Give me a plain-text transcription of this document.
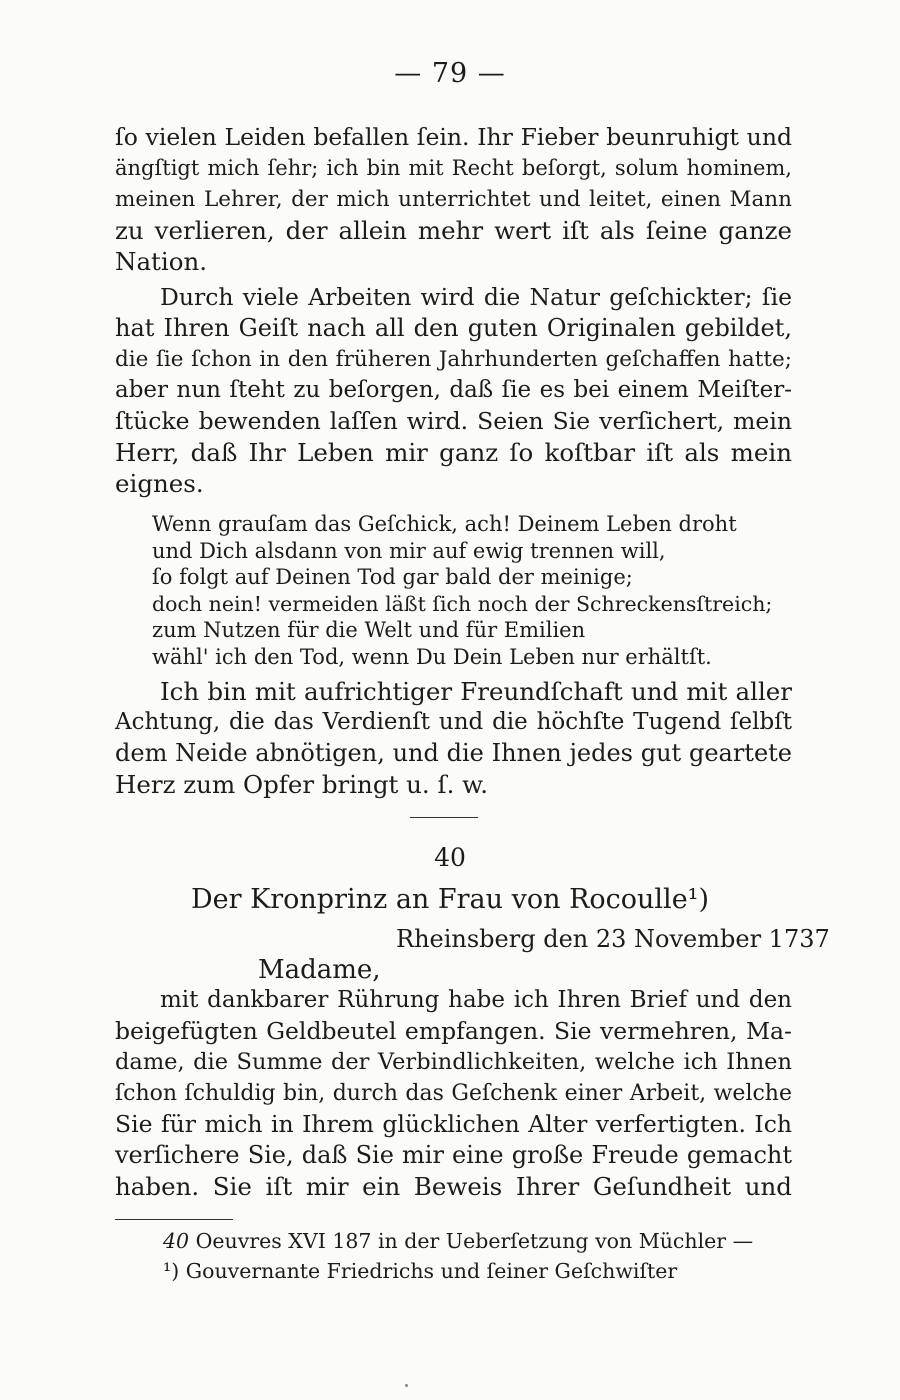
— 79 —
ſo vielen Leiden befallen ſein. Ihr Fieber beunruhigt und
ängſtigt mich ſehr; ich bin mit Recht beſorgt, solum hominem,
meinen Lehrer, der mich unterrichtet und leitet, einen Mann
zu verlieren, der allein mehr wert iſt als ſeine ganze
Nation.
Durch viele Arbeiten wird die Natur geſchickter; ſie
hat Ihren Geiſt nach all den guten Originalen gebildet,
die ſie ſchon in den früheren Jahrhunderten geſchaffen hatte;
aber nun ſteht zu beſorgen, daß ſie es bei einem Meiſter-
ſtücke bewenden laſſen wird. Seien Sie verſichert, mein
Herr, daß Ihr Leben mir ganz ſo koſtbar iſt als mein
eignes.
Wenn grauſam das Geſchick, ach! Deinem Leben droht
und Dich alsdann von mir auf ewig trennen will,
ſo folgt auf Deinen Tod gar bald der meinige;
doch nein! vermeiden läßt ſich noch der Schreckensſtreich;
zum Nutzen für die Welt und für Emilien
wähl' ich den Tod, wenn Du Dein Leben nur erhältſt.
Ich bin mit aufrichtiger Freundſchaft und mit aller
Achtung, die das Verdienſt und die höchſte Tugend ſelbſt
dem Neide abnötigen, und die Ihnen jedes gut geartete
Herz zum Opfer bringt u. ſ. w.
40
Der Kronprinz an Frau von Rocoulle¹)
Rheinsberg den 23 November 1737
Madame,
mit dankbarer Rührung habe ich Ihren Brief und den
beigefügten Geldbeutel empfangen. Sie vermehren, Ma-
dame, die Summe der Verbindlichkeiten, welche ich Ihnen
ſchon ſchuldig bin, durch das Geſchenk einer Arbeit, welche
Sie für mich in Ihrem glücklichen Alter verfertigten. Ich
verſichere Sie, daß Sie mir eine große Freude gemacht
haben. Sie iſt mir ein Beweis Ihrer Geſundheit und
40 Oeuvres XVI 187 in der Ueberſetzung von Müchler —
¹) Gouvernante Friedrichs und ſeiner Geſchwiſter
